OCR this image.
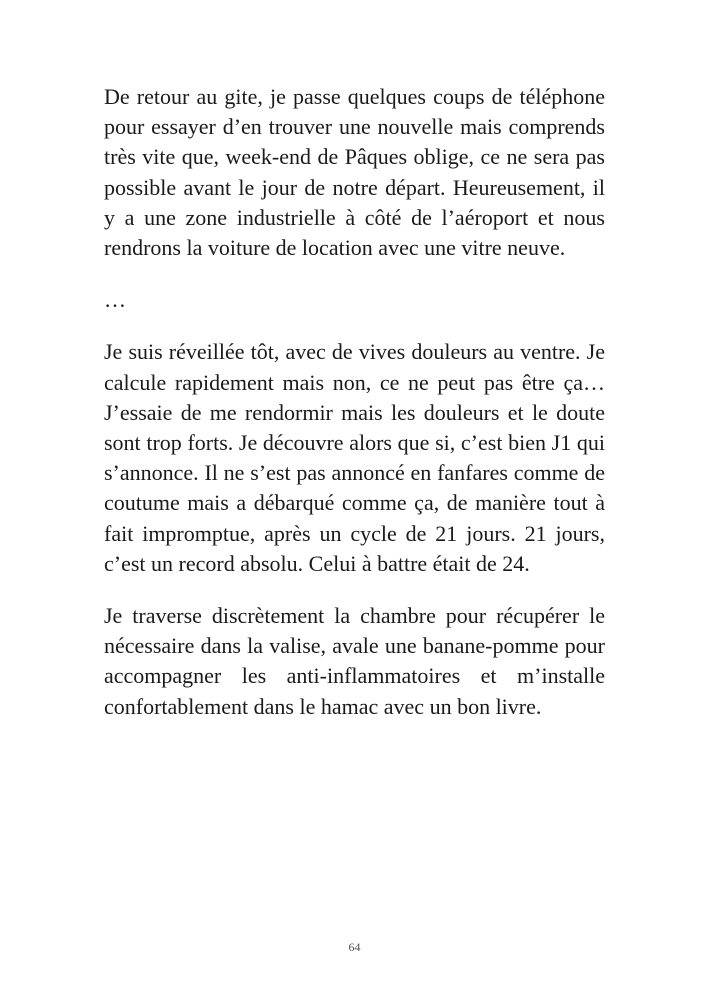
De retour au gite, je passe quelques coups de téléphone pour essayer d’en trouver une nouvelle mais comprends très vite que, week-end de Pâques oblige, ce ne sera pas possible avant le jour de notre départ. Heureusement, il y a une zone industrielle à côté de l’aéroport et nous rendrons la voiture de location avec une vitre neuve.

…

Je suis réveillée tôt, avec de vives douleurs au ventre. Je calcule rapidement mais non, ce ne peut pas être ça… J’essaie de me rendormir mais les douleurs et le doute sont trop forts. Je découvre alors que si, c’est bien J1 qui s’annonce. Il ne s’est pas annoncé en fanfares comme de coutume mais a débarqué comme ça, de manière tout à fait impromptue, après un cycle de 21 jours. 21 jours, c’est un record absolu. Celui à battre était de 24.

Je traverse discrètement la chambre pour récupérer le nécessaire dans la valise, avale une banane-pomme pour accompagner les anti-inflammatoires et m’installe confortablement dans le hamac avec un bon livre.

64
